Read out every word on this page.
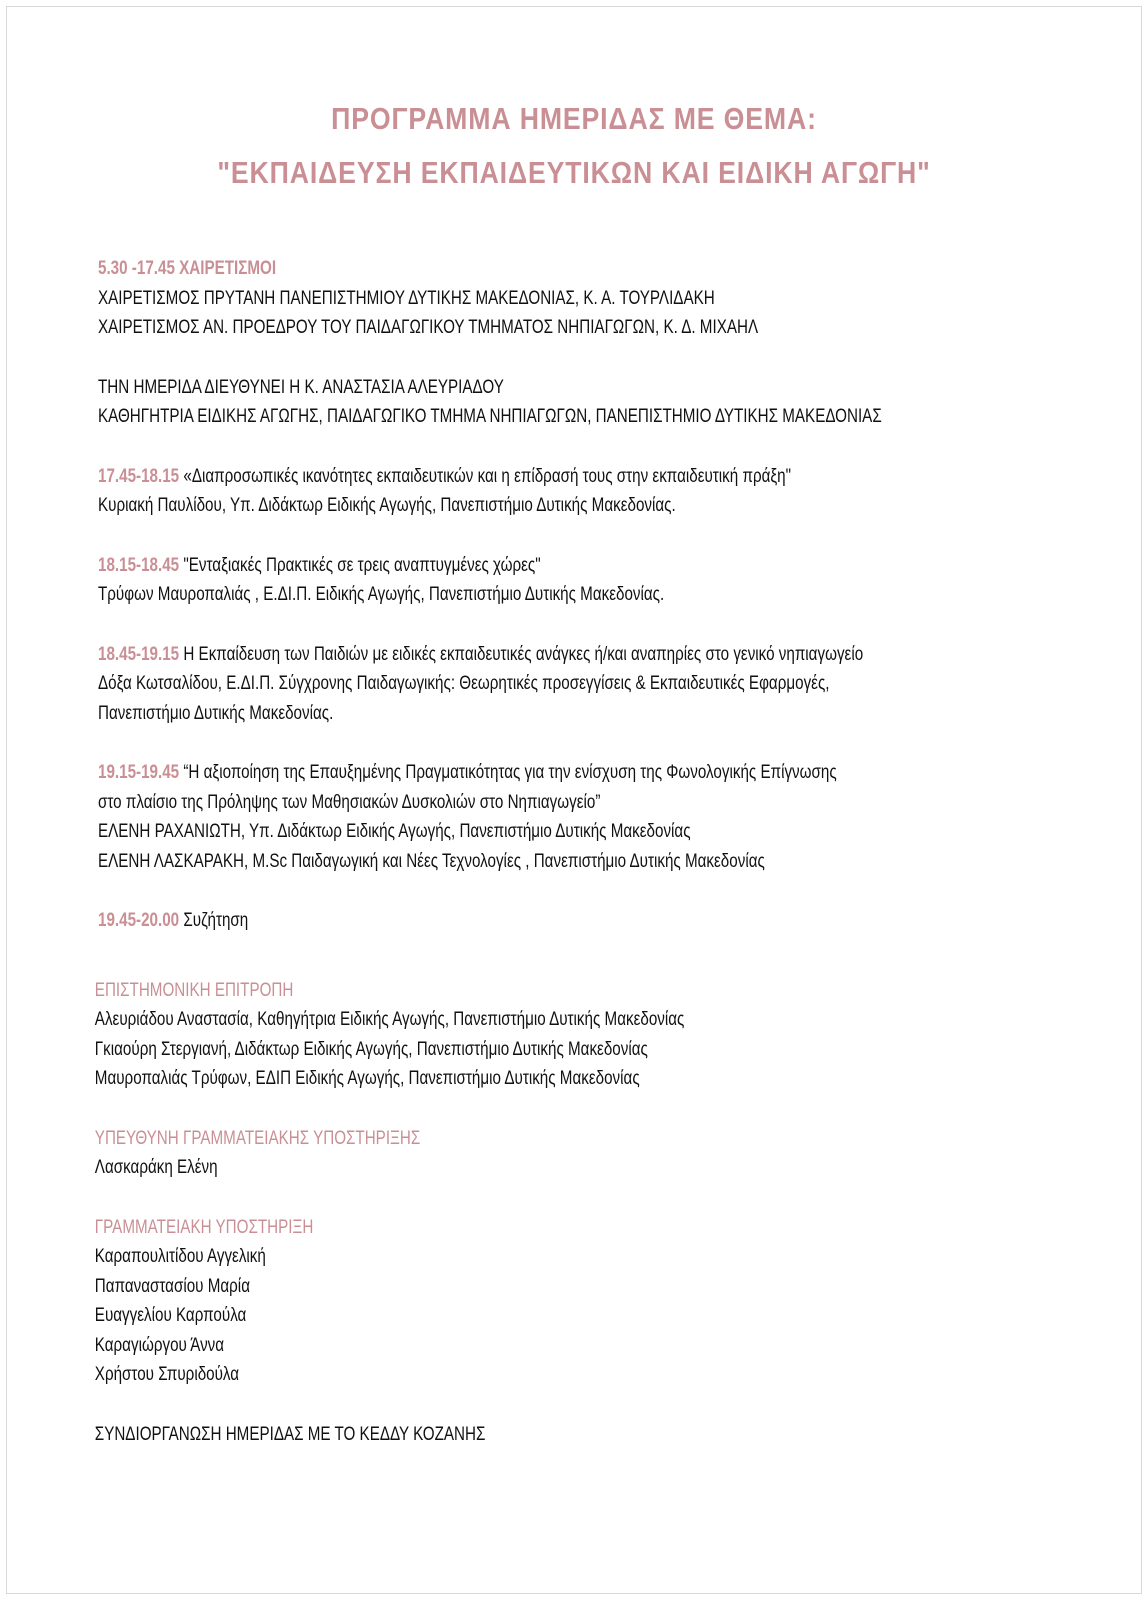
ΠΡΟΓΡΑΜΜΑ ΗΜΕΡΙΔΑΣ ΜΕ ΘΕΜΑ:
"ΕΚΠΑΙΔΕΥΣΗ ΕΚΠΑΙΔΕΥΤΙΚΩΝ ΚΑΙ ΕΙΔΙΚΗ ΑΓΩΓΗ"
5.30 -17.45 ΧΑΙΡΕΤΙΣΜΟΙ
ΧΑΙΡΕΤΙΣΜΟΣ ΠΡΥΤΑΝΗ ΠΑΝΕΠΙΣΤΗΜΙΟΥ ΔΥΤΙΚΗΣ ΜΑΚΕΔΟΝΙΑΣ, Κ. Α. ΤΟΥΡΛΙΔΑΚΗ
ΧΑΙΡΕΤΙΣΜΟΣ ΑΝ. ΠΡΟΕΔΡΟΥ ΤΟΥ ΠΑΙΔΑΓΩΓΙΚΟΥ ΤΜΗΜΑΤΟΣ ΝΗΠΙΑΓΩΓΩΝ, Κ. Δ. ΜΙΧΑΗΛ
ΤΗΝ ΗΜΕΡΙΔΑ ΔΙΕΥΘΥΝΕΙ Η Κ. ΑΝΑΣΤΑΣΙΑ ΑΛΕΥΡΙΑΔΟΥ
ΚΑΘΗΓΗΤΡΙΑ ΕΙΔΙΚΗΣ ΑΓΩΓΗΣ, ΠΑΙΔΑΓΩΓΙΚΟ ΤΜΗΜΑ ΝΗΠΙΑΓΩΓΩΝ, ΠΑΝΕΠΙΣΤΗΜΙΟ ΔΥΤΙΚΗΣ ΜΑΚΕΔΟΝΙΑΣ
17.45-18.15 «Διαπροσωπικές ικανότητες εκπαιδευτικών και η επίδρασή τους στην εκπαιδευτική πράξη"
Κυριακή Παυλίδου, Υπ. Διδάκτωρ Ειδικής Αγωγής, Πανεπιστήμιο Δυτικής Μακεδονίας.
18.15-18.45 "Ενταξιακές Πρακτικές σε τρεις αναπτυγμένες χώρες"
Τρύφων Μαυροπαλιάς , Ε.ΔΙ.Π. Ειδικής Αγωγής, Πανεπιστήμιο Δυτικής Μακεδονίας.
18.45-19.15 Η Εκπαίδευση των Παιδιών με ειδικές εκπαιδευτικές ανάγκες ή/και αναπηρίες στο γενικό νηπιαγωγείο
Δόξα Κωτσαλίδου, Ε.ΔΙ.Π. Σύγχρονης Παιδαγωγικής: Θεωρητικές προσεγγίσεις & Εκπαιδευτικές Εφαρμογές,
Πανεπιστήμιο Δυτικής Μακεδονίας.
19.15-19.45 “Η αξιοποίηση της Επαυξημένης Πραγματικότητας για την ενίσχυση της Φωνολογικής Επίγνωσης
στο πλαίσιο της Πρόληψης των Μαθησιακών Δυσκολιών στο Νηπιαγωγείο”
ΕΛΕΝΗ ΡΑΧΑΝΙΩΤΗ, Υπ. Διδάκτωρ Ειδικής Αγωγής, Πανεπιστήμιο Δυτικής Μακεδονίας
ΕΛΕΝΗ ΛΑΣΚΑΡΑΚΗ, M.Sc Παιδαγωγική και Νέες Τεχνολογίες , Πανεπιστήμιο Δυτικής Μακεδονίας
19.45-20.00 Συζήτηση
ΕΠΙΣΤΗΜΟΝΙΚΗ ΕΠΙΤΡΟΠΗ
Αλευριάδου Αναστασία, Καθηγήτρια Ειδικής Αγωγής, Πανεπιστήμιο Δυτικής Μακεδονίας
Γκιαούρη Στεργιανή, Διδάκτωρ Ειδικής Αγωγής, Πανεπιστήμιο Δυτικής Μακεδονίας
Μαυροπαλιάς Τρύφων, ΕΔΙΠ Ειδικής Αγωγής, Πανεπιστήμιο Δυτικής Μακεδονίας
ΥΠΕΥΘΥΝΗ ΓΡΑΜΜΑΤΕΙΑΚΗΣ ΥΠΟΣΤΗΡΙΞΗΣ
Λασκαράκη Ελένη
ΓΡΑΜΜΑΤΕΙΑΚΗ ΥΠΟΣΤΗΡΙΞΗ
Καραπουλιτίδου Αγγελική
Παπαναστασίου Μαρία
Ευαγγελίου Καρπούλα
Καραγιώργου Άννα
Χρήστου Σπυριδούλα
ΣΥΝΔΙΟΡΓΑΝΩΣΗ ΗΜΕΡΙΔΑΣ ΜΕ ΤΟ ΚΕΔΔΥ ΚΟΖΑΝΗΣ
